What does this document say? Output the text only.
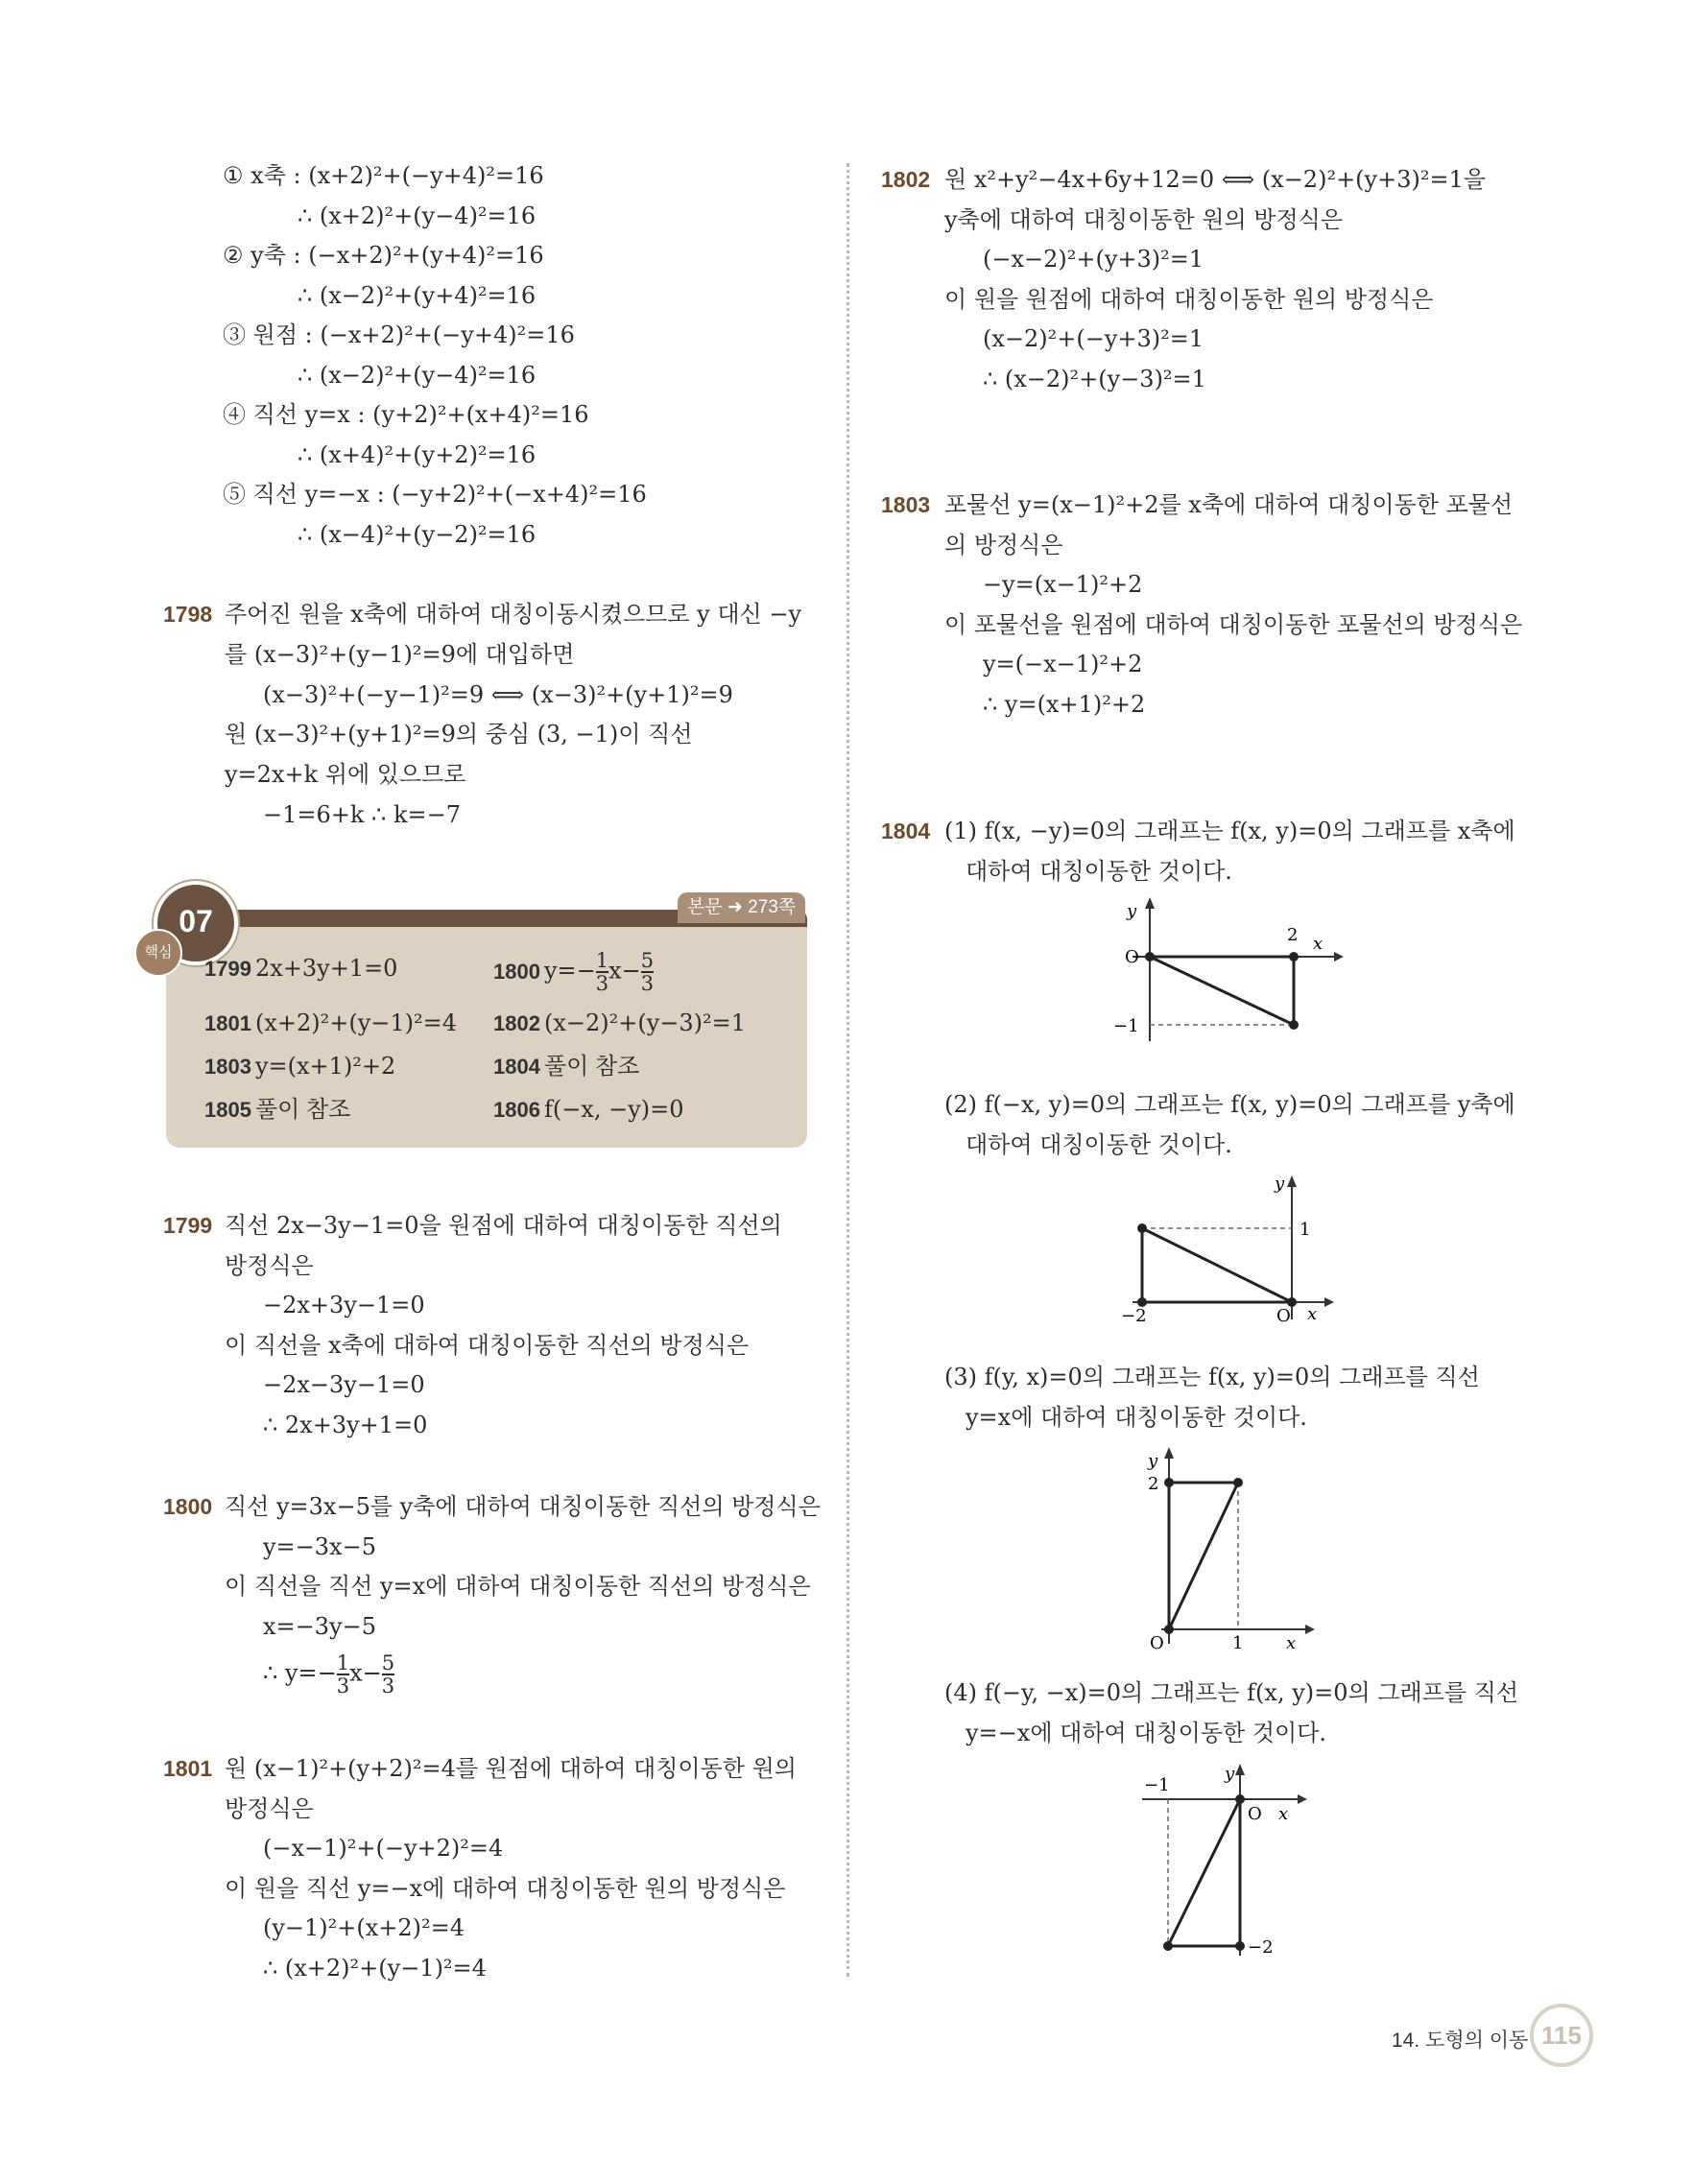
① x축 : (x+2)²+(−y+4)²=16
∴ (x+2)²+(y−4)²=16
② y축 : (−x+2)²+(y+4)²=16
∴ (x−2)²+(y+4)²=16
③ 원점 : (−x+2)²+(−y+4)²=16
∴ (x−2)²+(y−4)²=16
④ 직선 y=x : (y+2)²+(x+4)²=16
∴ (x+4)²+(y+2)²=16
⑤ 직선 y=−x : (−y+2)²+(−x+4)²=16
∴ (x−4)²+(y−2)²=16
1798 주어진 원을 x축에 대하여 대칭이동시켰으므로 y 대신 −y
를 (x−3)²+(y−1)²=9에 대입하면
(x−3)²+(−y−1)²=9 ⟺ (x−3)²+(y+1)²=9
원 (x−3)²+(y+1)²=9의 중심 (3, −1)이 직선
y=2x+k 위에 있으므로
−1=6+k ∴ k=−7
본문 ➜ 273쪽
07
핵심
1799 2x+3y+1=0	1800 $y=- \frac{1}{3} x- \frac{5}{3}$
1801 (x+2)²+(y−1)²=4 1802 (x−2)²+(y−3)²=1
1803 y=(x+1)²+2	1804 풀이 참조
1805 풀이 참조	1806 f(−x, −y)=0
1799 직선 2x−3y−1=0을 원점에 대하여 대칭이동한 직선의
방정식은
−2x+3y−1=0
이 직선을 x축에 대하여 대칭이동한 직선의 방정식은
−2x−3y−1=0
∴ 2x+3y+1=0
1800 직선 y=3x−5를 y축에 대하여 대칭이동한 직선의 방정식은
y=−3x−5
이 직선을 직선 y=x에 대하여 대칭이동한 직선의 방정식은
x=−3y−5
∴ $y=- \frac{1}{3} x- \frac{5}{3}$
1801 원 (x−1)²+(y+2)²=4를 원점에 대하여 대칭이동한 원의
방정식은
(−x−1)²+(−y+2)²=4
이 원을 직선 y=−x에 대하여 대칭이동한 원의 방정식은
(y−1)²+(x+2)²=4
∴ (x+2)²+(y−1)²=4
1802 원 x²+y²−4x+6y+12=0 ⟺ (x−2)²+(y+3)²=1을
y축에 대하여 대칭이동한 원의 방정식은
(−x−2)²+(y+3)²=1
이 원을 원점에 대하여 대칭이동한 원의 방정식은
(x−2)²+(−y+3)²=1
∴ (x−2)²+(y−3)²=1
1803 포물선 y=(x−1)²+2를 x축에 대하여 대칭이동한 포물선
의 방정식은
−y=(x−1)²+2
이 포물선을 원점에 대하여 대칭이동한 포물선의 방정식은
y=(−x−1)²+2
∴ y=(x+1)²+2
1804 (1) f(x, −y)=0의 그래프는 f(x, y)=0의 그래프를 x축에
대하여 대칭이동한 것이다.
y
x
O
2
−1
(2) f(−x, y)=0의 그래프는 f(x, y)=0의 그래프를 y축에
대하여 대칭이동한 것이다.
y
x
O
1
−2
(3) f(y, x)=0의 그래프는 f(x, y)=0의 그래프를 직선
y=x에 대하여 대칭이동한 것이다.
y
x
O
2
1
(4) f(−y, −x)=0의 그래프는 f(x, y)=0의 그래프를 직선
y=−x에 대하여 대칭이동한 것이다.
y
x
O
−1
−2
14. 도형의 이동 115
